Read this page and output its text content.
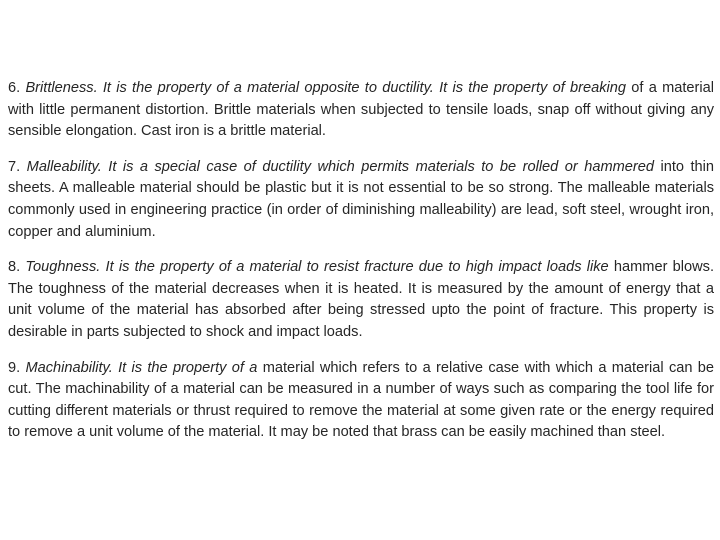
6. Brittleness. It is the property of a material opposite to ductility. It is the property of breaking of a material with little permanent distortion. Brittle materials when subjected to tensile loads, snap off without giving any sensible elongation. Cast iron is a brittle material.

7. Malleability. It is a special case of ductility which permits materials to be rolled or hammered into thin sheets. A malleable material should be plastic but it is not essential to be so strong. The malleable materials commonly used in engineering practice (in order of diminishing malleability) are lead, soft steel, wrought iron, copper and aluminium.

8. Toughness. It is the property of a material to resist fracture due to high impact loads like hammer blows. The toughness of the material decreases when it is heated. It is measured by the amount of energy that a unit volume of the material has absorbed after being stressed upto the point of fracture. This property is desirable in parts subjected to shock and impact loads.

9. Machinability. It is the property of a material which refers to a relative case with which a material can be cut. The machinability of a material can be measured in a number of ways such as comparing the tool life for cutting different materials or thrust required to remove the material at some given rate or the energy required to remove a unit volume of the material. It may be noted that brass can be easily machined than steel.
